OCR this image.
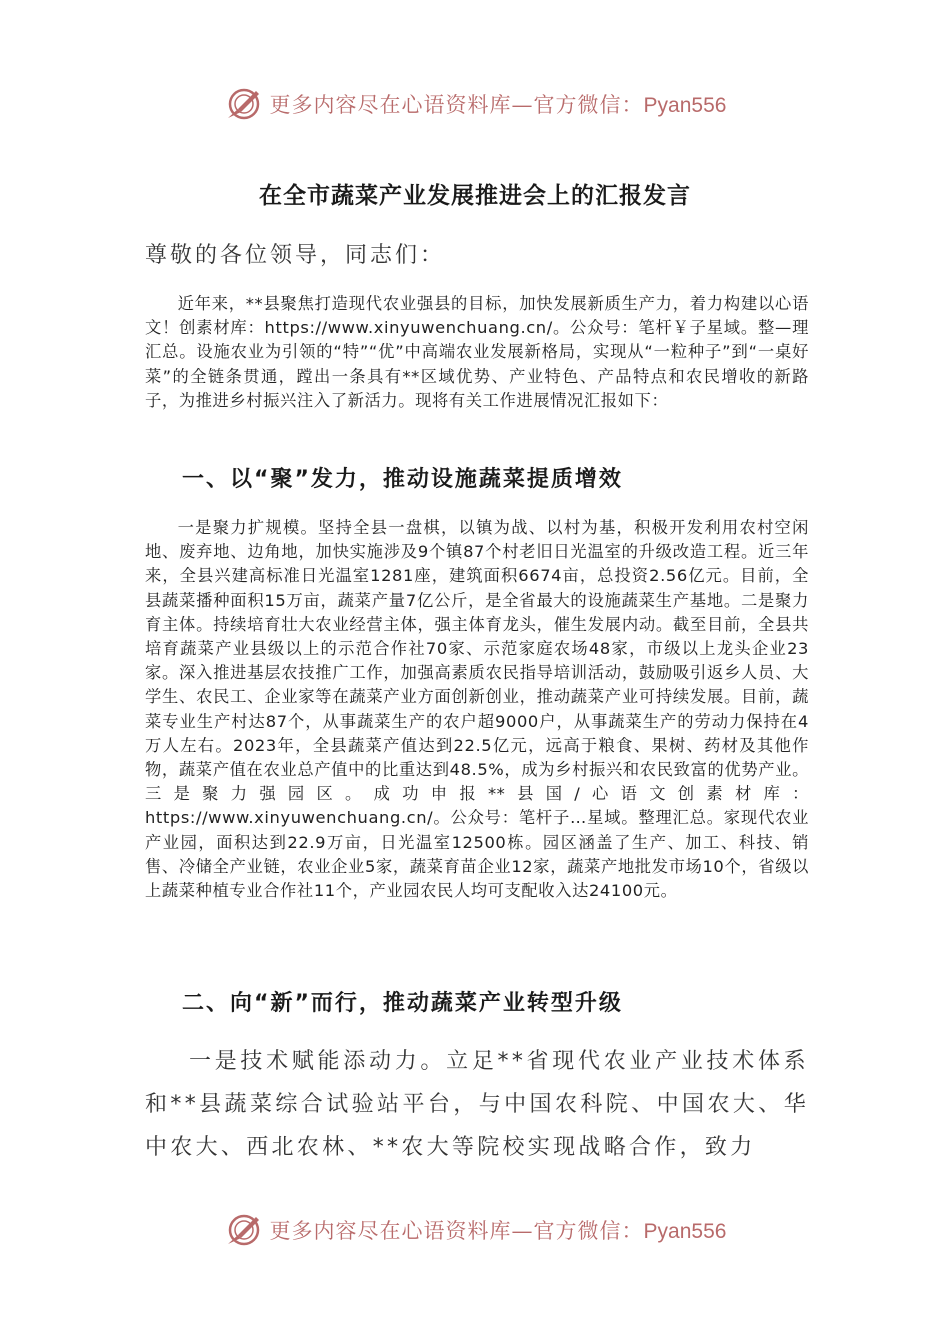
更多内容尽在心语资料库—官方微信：Pyan556
在全市蔬菜产业发展推进会上的汇报发言

尊敬的各位领导，同志们：

近年来，**县聚焦打造现代农业强县的目标，加快发展新质生产力，着力构建以心语文！创素材库：https://www.xinyuwenchuang.cn/。公众号：笔杆￥子星域。整—理汇总。设施农业为引领的“特”“优”中高端农业发展新格局，实现从“一粒种子”到“一桌好菜”的全链条贯通，蹚出一条具有**区域优势、产业特色、产品特点和农民增收的新路子，为推进乡村振兴注入了新活力。现将有关工作进展情况汇报如下：

一、以“聚”发力，推动设施蔬菜提质增效

一是聚力扩规模。坚持全县一盘棋，以镇为战、以村为基，积极开发利用农村空闲地、废弃地、边角地，加快实施涉及9个镇87个村老旧日光温室的升级改造工程。近三年来，全县兴建高标准日光温室1281座，建筑面积6674亩，总投资2.56亿元。目前，全县蔬菜播种面积15万亩，蔬菜产量7亿公斤，是全省最大的设施蔬菜生产基地。二是聚力育主体。持续培育壮大农业经营主体，强主体育龙头，催生发展内动。截至目前，全县共培育蔬菜产业县级以上的示范合作社70家、示范家庭农场48家，市级以上龙头企业23家。深入推进基层农技推广工作，加强高素质农民指导培训活动，鼓励吸引返乡人员、大学生、农民工、企业家等在蔬菜产业方面创新创业，推动蔬菜产业可持续发展。目前，蔬菜专业生产村达87个，从事蔬菜生产的农户超9000户，从事蔬菜生产的劳动力保持在4万人左右。2023年，全县蔬菜产值达到22.5亿元，远高于粮食、果树、药材及其他作物，蔬菜产值在农业总产值中的比重达到48.5%，成为乡村振兴和农民致富的优势产业。三是聚力强园区。成功申报**县国/心语文创素材库：https://www.xinyuwenchuang.cn/。公众号：笔杆子…星域。整理汇总。家现代农业产业园，面积达到22.9万亩，日光温室12500栋。园区涵盖了生产、加工、科技、销售、冷储全产业链，农业企业5家，蔬菜育苗企业12家，蔬菜产地批发市场10个，省级以上蔬菜种植专业合作社11个，产业园农民人均可支配收入达24100元。

二、向“新”而行，推动蔬菜产业转型升级

一是技术赋能添动力。立足**省现代农业产业技术体系和**县蔬菜综合试验站平台，与中国农科院、中国农大、华中农大、西北农林、**农大等院校实现战略合作，致力

更多内容尽在心语资料库—官方微信：Pyan556
